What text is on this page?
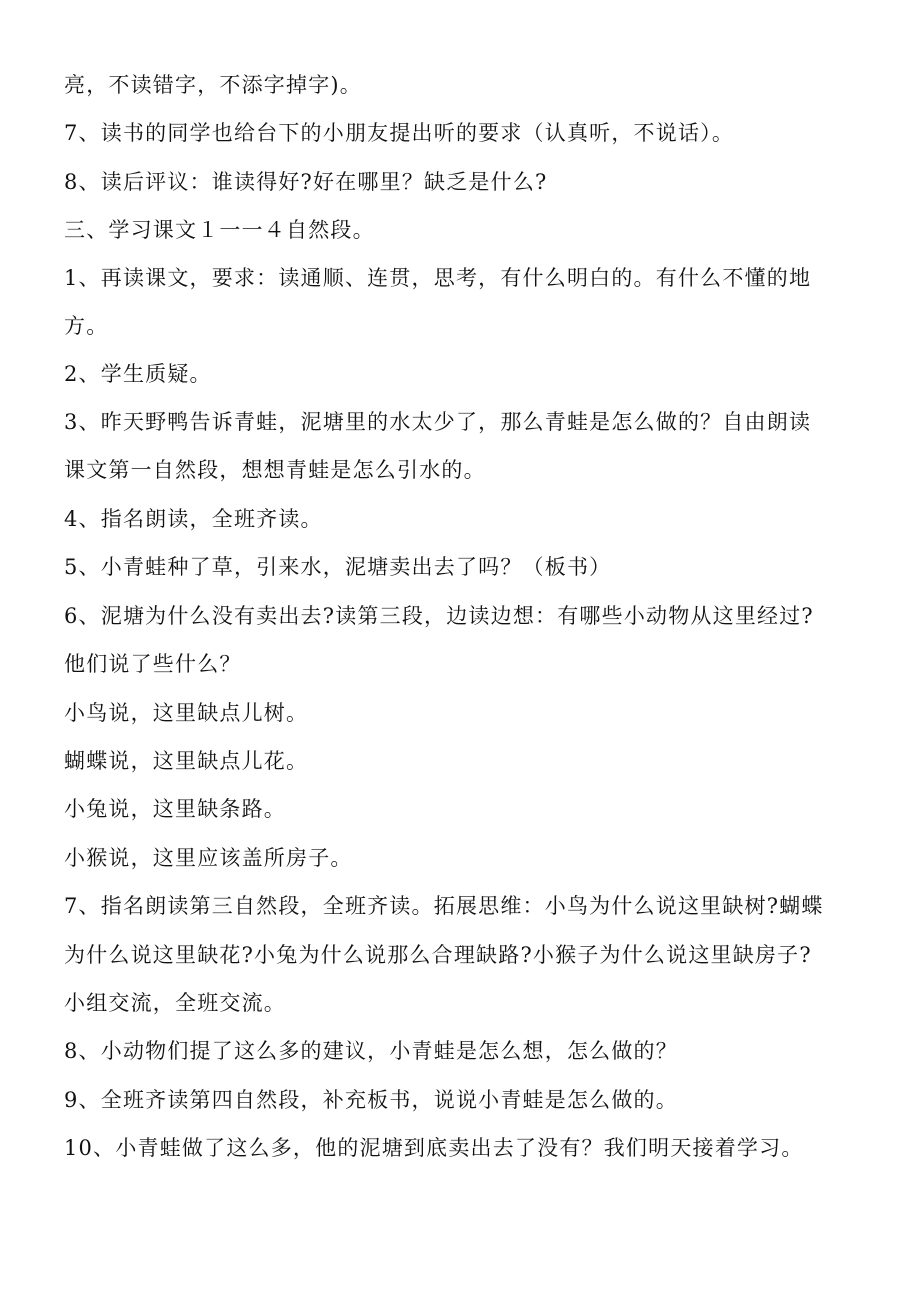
亮，不读错字，不添字掉字)。
7、读书的同学也给台下的小朋友提出听的要求（认真听，不说话）。
8、读后评议：谁读得好?好在哪里？缺乏是什么?
三、学习课文１一一４自然段。
1、再读课文，要求：读通顺、连贯，思考，有什么明白的。有什么不懂的地
方。
2、学生质疑。
3、昨天野鸭告诉青蛙，泥塘里的水太少了，那么青蛙是怎么做的？自由朗读
课文第一自然段，想想青蛙是怎么引水的。
4、指名朗读，全班齐读。
5、小青蛙种了草，引来水，泥塘卖出去了吗？（板书）
6、泥塘为什么没有卖出去?读第三段，边读边想：有哪些小动物从这里经过?
他们说了些什么？
小鸟说，这里缺点儿树。
蝴蝶说，这里缺点儿花。
小兔说，这里缺条路。
小猴说，这里应该盖所房子。
7、指名朗读第三自然段，全班齐读。拓展思维：小鸟为什么说这里缺树?蝴蝶
为什么说这里缺花?小兔为什么说那么合理缺路?小猴子为什么说这里缺房子?
小组交流，全班交流。
8、小动物们提了这么多的建议，小青蛙是怎么想，怎么做的？
9、全班齐读第四自然段，补充板书，说说小青蛙是怎么做的。
10、小青蛙做了这么多，他的泥塘到底卖出去了没有？我们明天接着学习。
